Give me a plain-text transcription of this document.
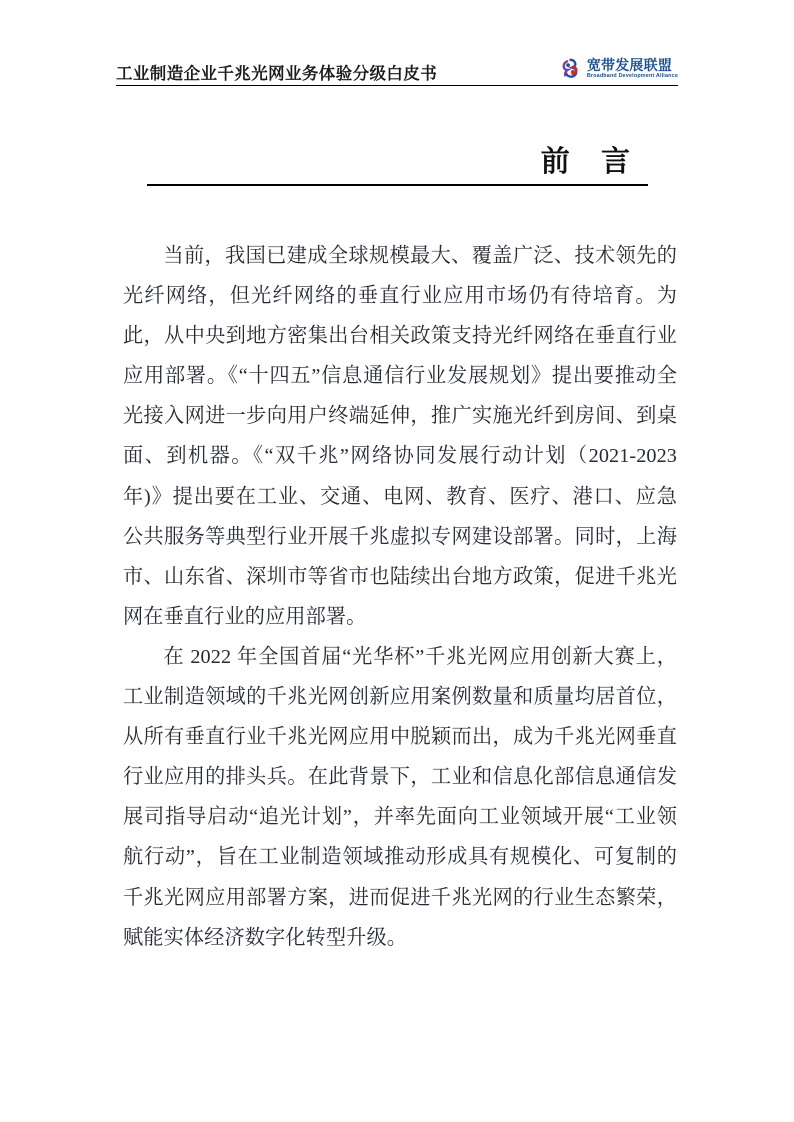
工业制造企业千兆光网业务体验分级白皮书	宽带发展联盟
Broadband Development Alliance
前 言

当前，我国已建成全球规模最大、覆盖广泛、技术领先的光纤网络，但光纤网络的垂直行业应用市场仍有待培育。为此，从中央到地方密集出台相关政策支持光纤网络在垂直行业应用部署。《“十四五”信息通信行业发展规划》提出要推动全光接入网进一步向用户终端延伸，推广实施光纤到房间、到桌面、到机器。《“双千兆”网络协同发展行动计划（2021-2023 年)》提出要在工业、交通、电网、教育、医疗、港口、应急公共服务等典型行业开展千兆虚拟专网建设部署。同时，上海市、山东省、深圳市等省市也陆续出台地方政策，促进千兆光网在垂直行业的应用部署。

在 2022 年全国首届“光华杯”千兆光网应用创新大赛上，工业制造领域的千兆光网创新应用案例数量和质量均居首位，从所有垂直行业千兆光网应用中脱颖而出，成为千兆光网垂直行业应用的排头兵。在此背景下，工业和信息化部信息通信发展司指导启动“追光计划”，并率先面向工业领域开展“工业领航行动”，旨在工业制造领域推动形成具有规模化、可复制的千兆光网应用部署方案，进而促进千兆光网的行业生态繁荣， 赋能实体经济数字化转型升级。
